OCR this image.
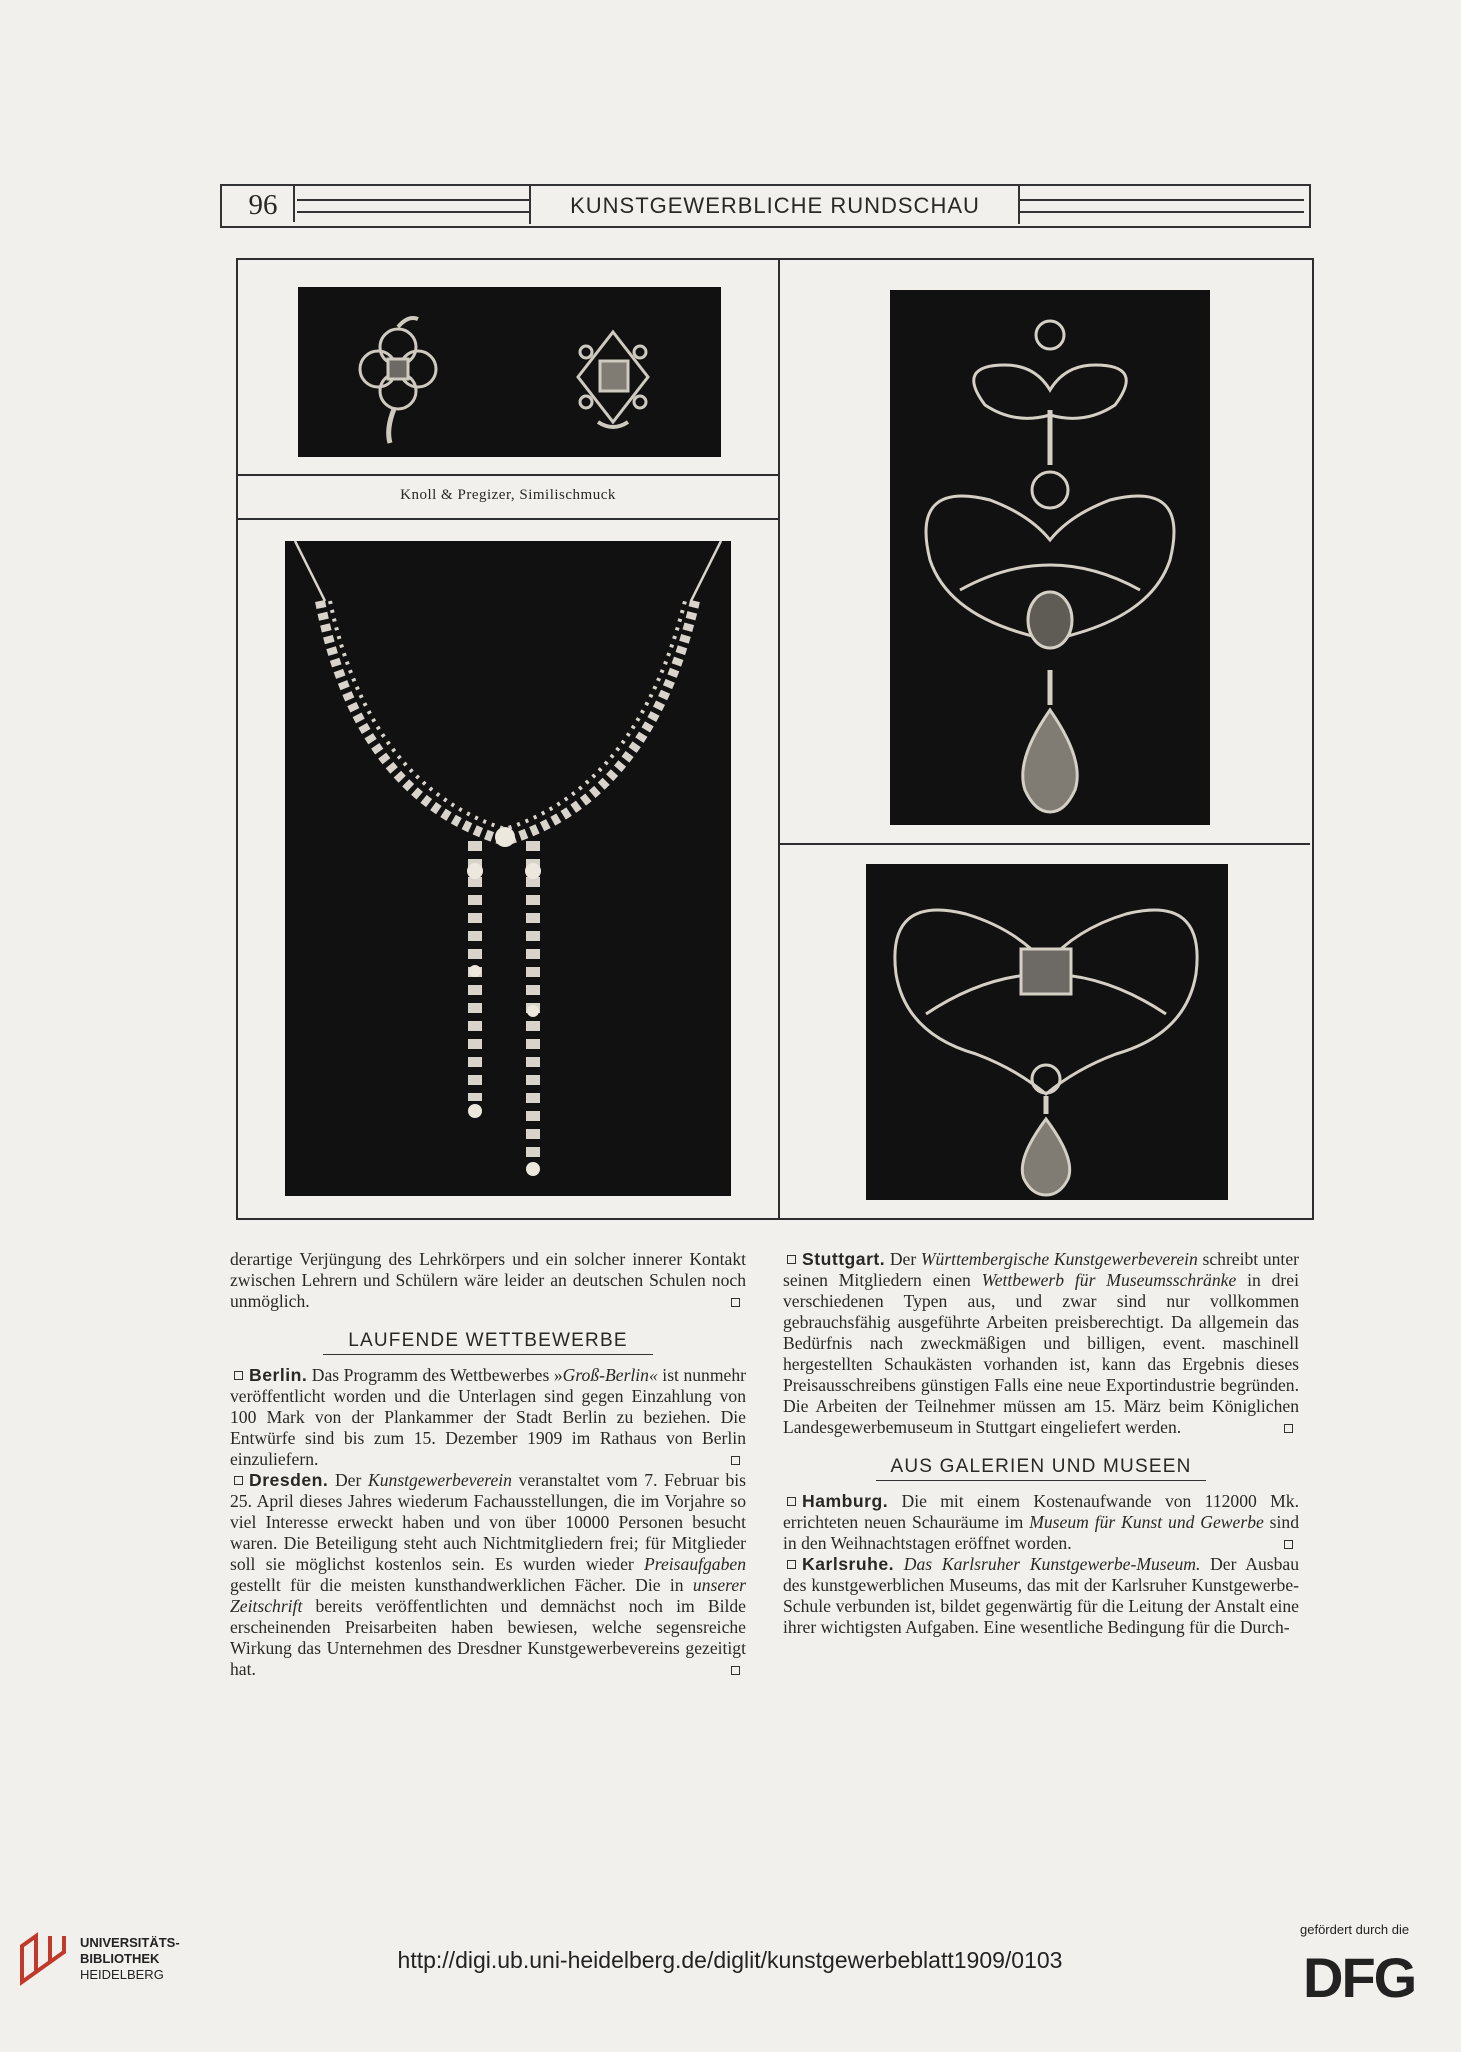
96	KUNSTGEWERBLICHE RUNDSCHAU
Knoll & Pregizer, Similischmuck

derartige Verjüngung des Lehrkörpers und ein solcher innerer Kontakt zwischen Lehrern und Schülern wäre leider an deutschen Schulen noch unmöglich.

LAUFENDE WETTBEWERBE

Berlin. Das Programm des Wettbewerbes »Groß-Berlin« ist nunmehr veröffentlicht worden und die Unterlagen sind gegen Einzahlung von 100 Mark von der Plankammer der Stadt Berlin zu beziehen. Die Entwürfe sind bis zum 15. Dezember 1909 im Rathaus von Berlin einzuliefern.

Dresden. Der Kunstgewerbeverein veranstaltet vom 7. Februar bis 25. April dieses Jahres wiederum Fachausstellungen, die im Vorjahre so viel Interesse erweckt haben und von über 10000 Personen besucht waren. Die Beteiligung steht auch Nichtmitgliedern frei; für Mitglieder soll sie möglichst kostenlos sein. Es wurden wieder Preisaufgaben gestellt für die meisten kunsthandwerklichen Fächer. Die in unserer Zeitschrift bereits veröffentlichten und demnächst noch im Bilde erscheinenden Preisarbeiten haben bewiesen, welche segensreiche Wirkung das Unternehmen des Dresdner Kunstgewerbevereins gezeitigt hat.

Stuttgart. Der Württembergische Kunstgewerbeverein schreibt unter seinen Mitgliedern einen Wettbewerb für Museumsschränke in drei verschiedenen Typen aus, und zwar sind nur vollkommen gebrauchsfähig ausgeführte Arbeiten preisberechtigt. Da allgemein das Bedürfnis nach zweckmäßigen und billigen, event. maschinell hergestellten Schaukästen vorhanden ist, kann das Ergebnis dieses Preisausschreibens günstigen Falls eine neue Exportindustrie begründen. Die Arbeiten der Teilnehmer müssen am 15. März beim Königlichen Landesgewerbemuseum in Stuttgart eingeliefert werden.

AUS GALERIEN UND MUSEEN

Hamburg. Die mit einem Kostenaufwande von 112000 Mk. errichteten neuen Schauräume im Museum für Kunst und Gewerbe sind in den Weihnachtstagen eröffnet worden.

Karlsruhe. Das Karlsruher Kunstgewerbe-Museum. Der Ausbau des kunstgewerblichen Museums, das mit der Karlsruher Kunstgewerbe-Schule verbunden ist, bildet gegenwärtig für die Leitung der Anstalt eine ihrer wichtigsten Aufgaben. Eine wesentliche Bedingung für die Durch-

UNIVERSITÄTS-
BIBLIOTHEK
HEIDELBERG
http://digi.ub.uni-heidelberg.de/diglit/kunstgewerbeblatt1909/0103
gefördert durch die
DFG
